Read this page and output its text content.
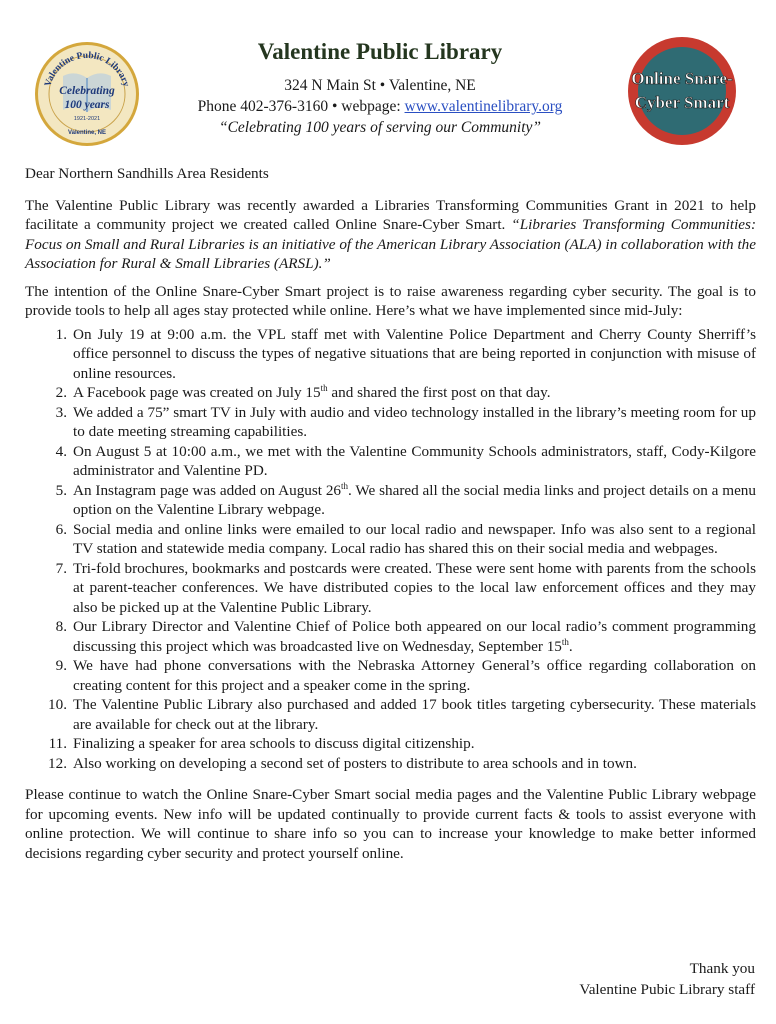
Valentine Public Library
Celebrating
100 years
1921-2021
Valentine, NE
Valentine Public Library
324 N Main St • Valentine, NE
Phone 402-376-3160 • webpage: www.valentinelibrary.org
“Celebrating 100 years of serving our Community”
Online Snare-
Cyber Smart

Dear Northern Sandhills Area Residents

The Valentine Public Library was recently awarded a Libraries Transforming Communities Grant in 2021 to help facilitate a community project we created called Online Snare-Cyber Smart. “Libraries Transforming Communities: Focus on Small and Rural Libraries is an initiative of the American Library Association (ALA) in collaboration with the Association for Rural & Small Libraries (ARSL).”

The intention of the Online Snare-Cyber Smart project is to raise awareness regarding cyber security. The goal is to provide tools to help all ages stay protected while online. Here’s what we have implemented since mid-July:

1. On July 19 at 9:00 a.m. the VPL staff met with Valentine Police Department and Cherry County Sherriff’s office personnel to discuss the types of negative situations that are being reported in conjunction with misuse of online resources.
2. A Facebook page was created on July 15th and shared the first post on that day.
3. We added a 75” smart TV in July with audio and video technology installed in the library’s meeting room for up to date meeting streaming capabilities.
4. On August 5 at 10:00 a.m., we met with the Valentine Community Schools administrators, staff, Cody-Kilgore administrator and Valentine PD.
5. An Instagram page was added on August 26th. We shared all the social media links and project details on a menu option on the Valentine Library webpage.
6. Social media and online links were emailed to our local radio and newspaper. Info was also sent to a regional TV station and statewide media company. Local radio has shared this on their social media and webpages.
7. Tri-fold brochures, bookmarks and postcards were created. These were sent home with parents from the schools at parent-teacher conferences. We have distributed copies to the local law enforcement offices and they may also be picked up at the Valentine Public Library.
8. Our Library Director and Valentine Chief of Police both appeared on our local radio’s comment programming discussing this project which was broadcasted live on Wednesday, September 15th.
9. We have had phone conversations with the Nebraska Attorney General’s office regarding collaboration on creating content for this project and a speaker come in the spring.
10. The Valentine Public Library also purchased and added 17 book titles targeting cybersecurity. These materials are available for check out at the library.
11. Finalizing a speaker for area schools to discuss digital citizenship.
12. Also working on developing a second set of posters to distribute to area schools and in town.

Please continue to watch the Online Snare-Cyber Smart social media pages and the Valentine Public Library webpage for upcoming events. New info will be updated continually to provide current facts & tools to assist everyone with online protection. We will continue to share info so you can to increase your knowledge to make better informed decisions regarding cyber security and protect yourself online.

Thank you
Valentine Pubic Library staff
